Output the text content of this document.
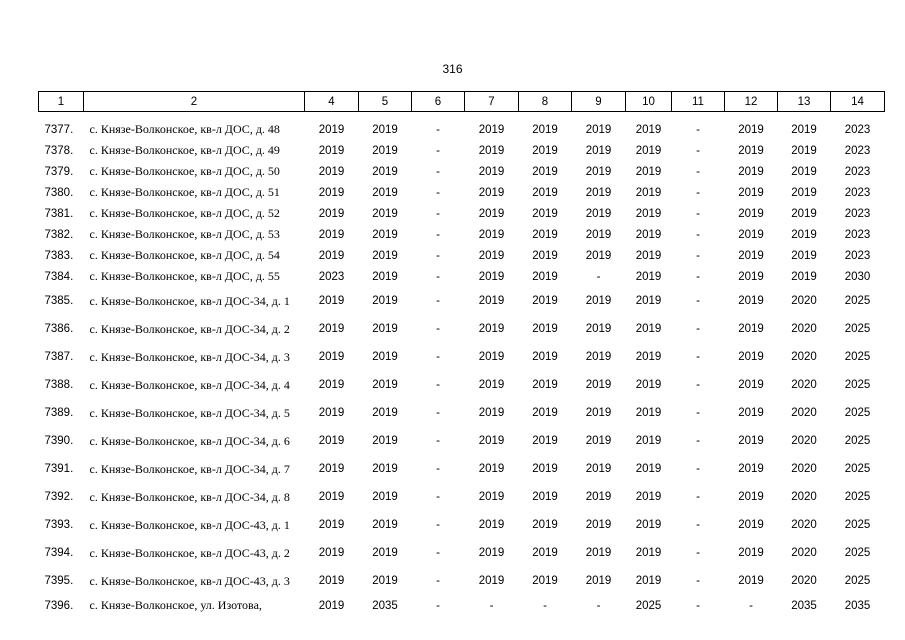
316
1	2	4	5	6	7	8	9	10	11	12	13	14
7377.	с. Князе-Волконское, кв-л ДОС, д. 48	2019	2019	-	2019	2019	2019	2019	-	2019	2019	2023
7378.	с. Князе-Волконское, кв-л ДОС, д. 49	2019	2019	-	2019	2019	2019	2019	-	2019	2019	2023
7379.	с. Князе-Волконское, кв-л ДОС, д. 50	2019	2019	-	2019	2019	2019	2019	-	2019	2019	2023
7380.	с. Князе-Волконское, кв-л ДОС, д. 51	2019	2019	-	2019	2019	2019	2019	-	2019	2019	2023
7381.	с. Князе-Волконское, кв-л ДОС, д. 52	2019	2019	-	2019	2019	2019	2019	-	2019	2019	2023
7382.	с. Князе-Волконское, кв-л ДОС, д. 53	2019	2019	-	2019	2019	2019	2019	-	2019	2019	2023
7383.	с. Князе-Волконское, кв-л ДОС, д. 54	2019	2019	-	2019	2019	2019	2019	-	2019	2019	2023
7384.	с. Князе-Волконское, кв-л ДОС, д. 55	2023	2019	-	2019	2019	-	2019	-	2019	2019	2030
7385.	с. Князе-Волконское, кв-л ДОС-34, д. 1	2019	2019	-	2019	2019	2019	2019	-	2019	2020	2025
7386.	с. Князе-Волконское, кв-л ДОС-34, д. 2	2019	2019	-	2019	2019	2019	2019	-	2019	2020	2025
7387.	с. Князе-Волконское, кв-л ДОС-34, д. 3	2019	2019	-	2019	2019	2019	2019	-	2019	2020	2025
7388.	с. Князе-Волконское, кв-л ДОС-34, д. 4	2019	2019	-	2019	2019	2019	2019	-	2019	2020	2025
7389.	с. Князе-Волконское, кв-л ДОС-34, д. 5	2019	2019	-	2019	2019	2019	2019	-	2019	2020	2025
7390.	с. Князе-Волконское, кв-л ДОС-34, д. 6	2019	2019	-	2019	2019	2019	2019	-	2019	2020	2025
7391.	с. Князе-Волконское, кв-л ДОС-34, д. 7	2019	2019	-	2019	2019	2019	2019	-	2019	2020	2025
7392.	с. Князе-Волконское, кв-л ДОС-34, д. 8	2019	2019	-	2019	2019	2019	2019	-	2019	2020	2025
7393.	с. Князе-Волконское, кв-л ДОС-43, д. 1	2019	2019	-	2019	2019	2019	2019	-	2019	2020	2025
7394.	с. Князе-Волконское, кв-л ДОС-43, д. 2	2019	2019	-	2019	2019	2019	2019	-	2019	2020	2025
7395.	с. Князе-Волконское, кв-л ДОС-43, д. 3	2019	2019	-	2019	2019	2019	2019	-	2019	2020	2025
7396.	с. Князе-Волконское, ул. Изотова,	2019	2035	-	-	-	-	2025	-	-	2035	2035
